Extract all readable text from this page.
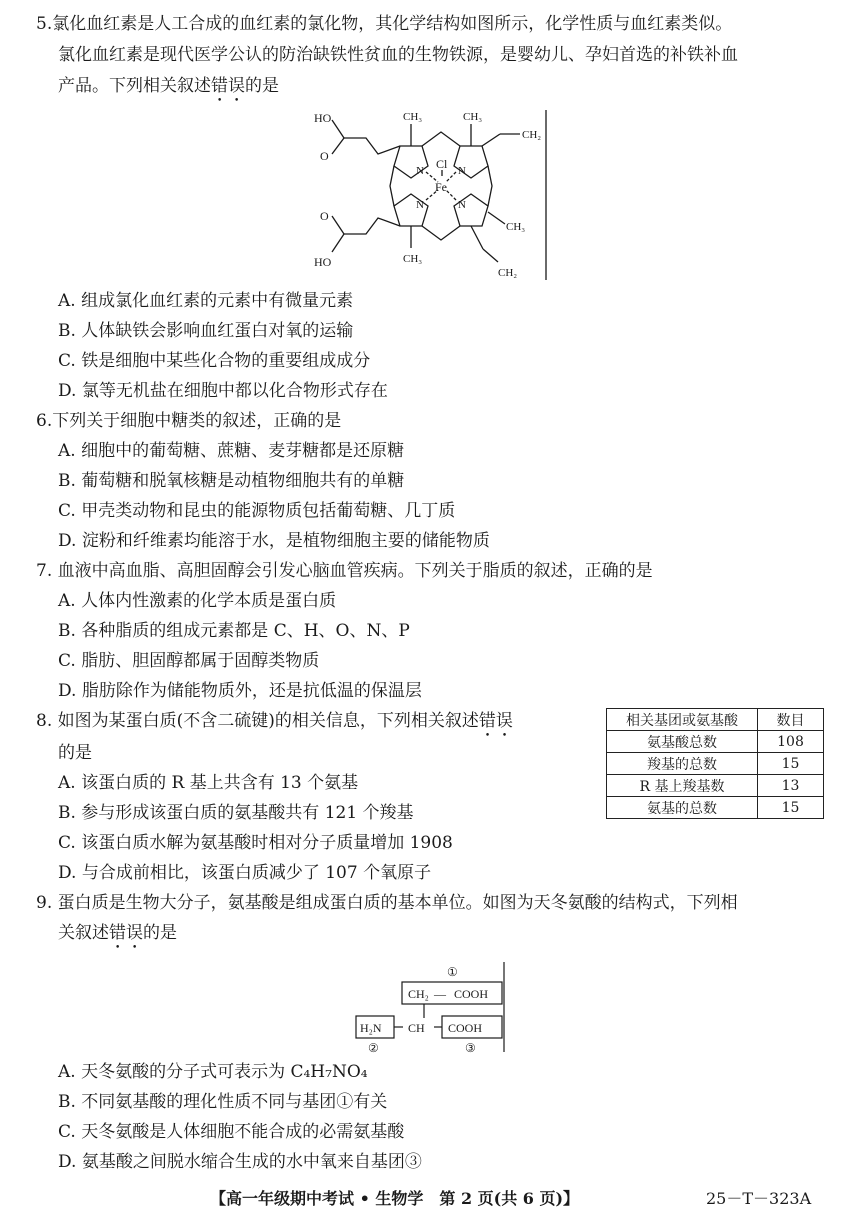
5.氯化血红素是人工合成的血红素的氯化物，其化学结构如图所示，化学性质与血红素类似。
氯化血红素是现代医学公认的防治缺铁性贫血的生物铁源，是婴幼儿、孕妇首选的补铁补血
产品。下列相关叙述错误的是
HO
O
HO
O
CH₃	CH₃
CH₃
CH₃
CH₂
CH₂
Cl
Fe
N	N
N	N
A. 组成氯化血红素的元素中有微量元素
B. 人体缺铁会影响血红蛋白对氧的运输
C. 铁是细胞中某些化合物的重要组成成分
D. 氯等无机盐在细胞中都以化合物形式存在
6.下列关于细胞中糖类的叙述，正确的是
A. 细胞中的葡萄糖、蔗糖、麦芽糖都是还原糖
B. 葡萄糖和脱氧核糖是动植物细胞共有的单糖
C. 甲壳类动物和昆虫的能源物质包括葡萄糖、几丁质
D. 淀粉和纤维素均能溶于水，是植物细胞主要的储能物质
7. 血液中高血脂、高胆固醇会引发心脑血管疾病。下列关于脂质的叙述，正确的是
A. 人体内性激素的化学本质是蛋白质
B. 各种脂质的组成元素都是 C、H、O、N、P
C. 脂肪、胆固醇都属于固醇类物质
D. 脂肪除作为储能物质外，还是抗低温的保温层
8. 如图为某蛋白质(不含二硫键)的相关信息，下列相关叙述错误
的是
A. 该蛋白质的 R 基上共含有 13 个氨基
B. 参与形成该蛋白质的氨基酸共有 121 个羧基
C. 该蛋白质水解为氨基酸时相对分子质量增加 1908
D. 与合成前相比，该蛋白质减少了 107 个氧原子
相关基团或氨基酸	数目
氨基酸总数	108
羧基的总数	15
R 基上羧基数	13
氨基的总数	15
9. 蛋白质是生物大分子，氨基酸是组成蛋白质的基本单位。如图为天冬氨酸的结构式，下列相
关叙述错误的是
①
②	③
CH₂ — COOH
H₂N CH COOH
A. 天冬氨酸的分子式可表示为 C₄H₇NO₄
B. 不同氨基酸的理化性质不同与基团①有关
C. 天冬氨酸是人体细胞不能合成的必需氨基酸
D. 氨基酸之间脱水缩合生成的水中氧来自基团③
【高一年级期中考试 • 生物学　第 2 页(共 6 页)】	25－T－323A
